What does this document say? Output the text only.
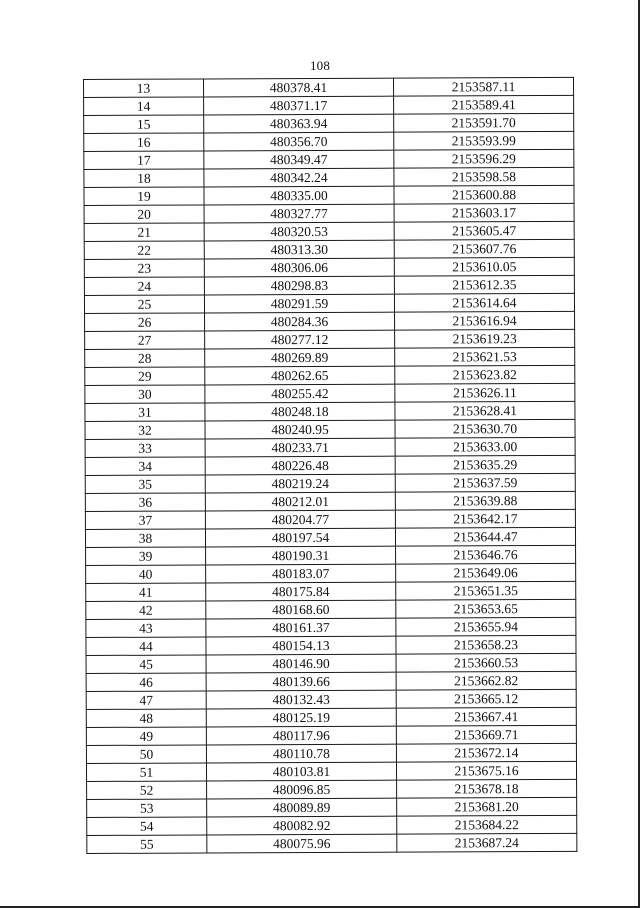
108
13	480378.41	2153587.11
14	480371.17	2153589.41
15	480363.94	2153591.70
16	480356.70	2153593.99
17	480349.47	2153596.29
18	480342.24	2153598.58
19	480335.00	2153600.88
20	480327.77	2153603.17
21	480320.53	2153605.47
22	480313.30	2153607.76
23	480306.06	2153610.05
24	480298.83	2153612.35
25	480291.59	2153614.64
26	480284.36	2153616.94
27	480277.12	2153619.23
28	480269.89	2153621.53
29	480262.65	2153623.82
30	480255.42	2153626.11
31	480248.18	2153628.41
32	480240.95	2153630.70
33	480233.71	2153633.00
34	480226.48	2153635.29
35	480219.24	2153637.59
36	480212.01	2153639.88
37	480204.77	2153642.17
38	480197.54	2153644.47
39	480190.31	2153646.76
40	480183.07	2153649.06
41	480175.84	2153651.35
42	480168.60	2153653.65
43	480161.37	2153655.94
44	480154.13	2153658.23
45	480146.90	2153660.53
46	480139.66	2153662.82
47	480132.43	2153665.12
48	480125.19	2153667.41
49	480117.96	2153669.71
50	480110.78	2153672.14
51	480103.81	2153675.16
52	480096.85	2153678.18
53	480089.89	2153681.20
54	480082.92	2153684.22
55	480075.96	2153687.24
